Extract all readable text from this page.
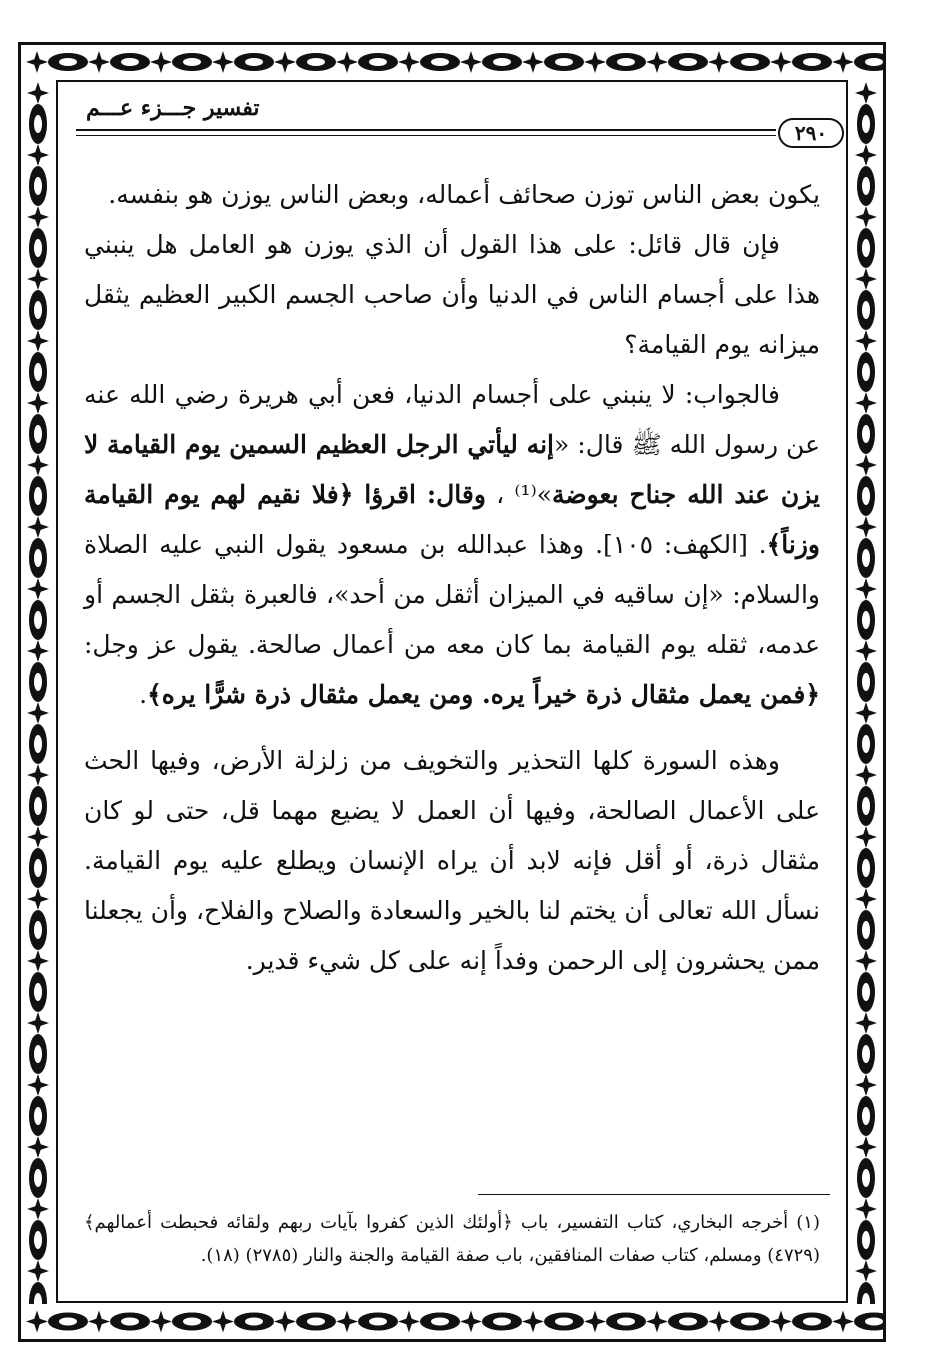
تفسير جـــزء عـــم
٢٩٠

يكون بعض الناس توزن صحائف أعماله، وبعض الناس يوزن هو بنفسه.

فإن قال قائل: على هذا القول أن الذي يوزن هو العامل هل ينبني هذا على أجسام الناس في الدنيا وأن صاحب الجسم الكبير العظيم يثقل ميزانه يوم القيامة؟

فالجواب: لا ينبني على أجسام الدنيا، فعن أبي هريرة رضي الله عنه عن رسول الله ﷺ قال: «إنه ليأتي الرجل العظيم السمين يوم القيامة لا يزن عند الله جناح بعوضة»⁽¹⁾ ، وقال: اقرؤا ﴿فلا نقيم لهم يوم القيامة وزناً﴾. [الكهف: ١٠٥]. وهذا عبدالله بن مسعود يقول النبي عليه الصلاة والسلام: «إن ساقيه في الميزان أثقل من أحد»، فالعبرة بثقل الجسم أو عدمه، ثقله يوم القيامة بما كان معه من أعمال صالحة. يقول عز وجل: ﴿فمن يعمل مثقال ذرة خيراً يره. ومن يعمل مثقال ذرة شرًّا يره﴾.

وهذه السورة كلها التحذير والتخويف من زلزلة الأرض، وفيها الحث على الأعمال الصالحة، وفيها أن العمل لا يضيع مهما قل، حتى لو كان مثقال ذرة، أو أقل فإنه لابد أن يراه الإنسان ويطلع عليه يوم القيامة. نسأل الله تعالى أن يختم لنا بالخير والسعادة والصلاح والفلاح، وأن يجعلنا ممن يحشرون إلى الرحمن وفداً إنه على كل شيء قدير.

(١) أخرجه البخاري، كتاب التفسير، باب ﴿أولئك الذين كفروا بآيات ربهم ولقائه فحبطت أعمالهم﴾ (٤٧٢٩) ومسلم، كتاب صفات المنافقين، باب صفة القيامة والجنة والنار (٢٧٨٥) (١٨).
